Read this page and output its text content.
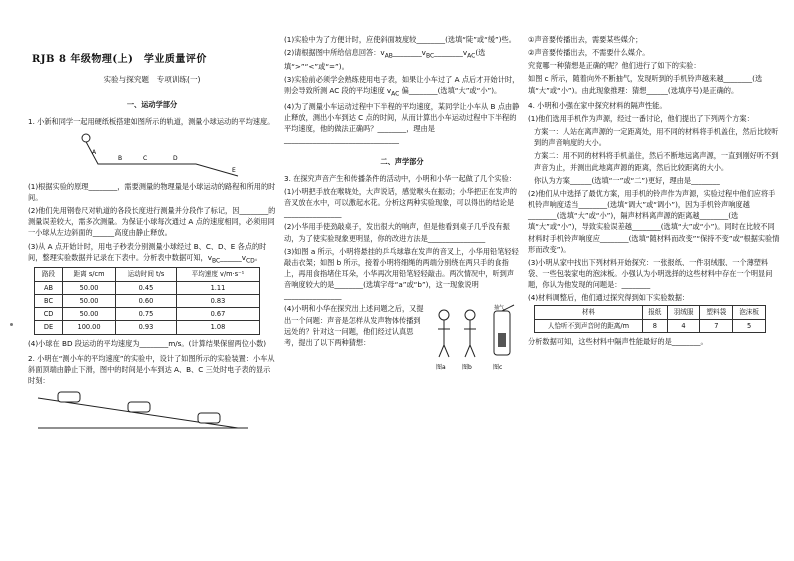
RJB 8 年级物理(上)　学业质量评价
实验与探究题　专项训练(一)
一、运动学部分

1. 小新和同学一起用硬纸板搭建如图所示的轨道，测量小球运动的平均速度。

A
B	C	D
E

(1)根据实验的原理________，需要测量的物理量是小球运动的路程和所用的时间。

(2)他们先用钢卷尺对轨道的各段长度进行测量并分段作了标记，因________的测量误差较大，需多次测量。为保证小球每次通过 A 点的速度相同，必须用同一小球从左边斜面的______高度由静止释放。

(3)从 A 点开始计时，用电子秒表分别测量小球经过 B、C、D、E 各点的时间，整理实验数据并记录在下表中。分析表中数据可知，$v_{BC}\_\_\_\_\_\_v_{CD}$。

路段	距离 s/cm	运动时间 t/s	平均速度 v/m·s⁻¹
AB	50.00	0.45	1.11
BC	50.00	0.60	0.83
CD	50.00	0.75	0.67
DE	100.00	0.93	1.08

(4)小球在 BD 段运动的平均速度为________m/s。(计算结果保留两位小数)

2. 小明在“测小车的平均速度”的实验中，设计了如图所示的实验装置：小车从斜面顶端由静止下滑，图中的时间是小车到达 A、B、C 三处时电子表的显示时刻：

(1)实验中为了方便计时，应使斜面坡度较________(选填“陡”或“缓”)些。

(2)请根据图中所给信息回答：$v_{AB}\_\_\_\_\_\_\_\_v_{BC}\_\_\_\_\_\_\_\_v_{AC}$(选填“>”“<”或“=”)。

(3)实验前必须学会熟练使用电子表，如果让小车过了 A 点后才开始计时，则会导致所测 AC 段的平均速度 $v_{AC}$ 偏________(选填“大”或“小”)。

(4)为了测量小车运动过程中下半程的平均速度，某同学让小车从 B 点由静止释放，测出小车到达 C 点的时间，从而计算出小车运动过程中下半程的平均速度，他的做法正确吗？________，理由是________________________________

二、声学部分

3. 在探究声音产生和传播条件的活动中，小明和小华一起做了几个实验：

(1)小明把手放在喉咙处，大声说话，感觉喉头在振动；小华把正在发声的音叉放在水中，可以激起水花。分析这两种实验现象，可以得出的结论是________________

(2)小华用手使劲敲桌子，发出很大的响声，但是他看到桌子几乎没有振动，为了使实验现象更明显，你的改进方法是________________

(3)如图 a 所示，小明将悬挂的乒乓球靠在发声的音叉上，小华用铅笔轻轻敲击衣架；如图 b 所示，接着小明将细绳的两端分别绕在两只手的食指上，再用食指堵住耳朵，小华再次用铅笔轻轻敲击。两次情况中，听到声音响度较大的是________(选填字母“a”或“b”)，这一现象说明________________

(4)小明和小华在探究出上述问题之后，又提出一个问题：声音是怎样从发声物体传播到远处的？针对这一问题，他们经过认真思考，提出了以下两种猜想：

抽气
图a	图b	图c

①声音要传播出去，需要某些媒介；

②声音要传播出去，不需要什么媒介。

究竟哪一种猜想是正确的呢？他们进行了如下的实验：

如图 c 所示，随着向外不断抽气，发现听到的手机铃声越来越________(选填“大”或“小”)。由此现象推理：猜想______(选填序号)是正确的。

4. 小明和小强在家中探究材料的隔声性能。

(1)他们选用手机作为声源，经过一番讨论，他们提出了下列两个方案：

方案一：人站在离声源的一定距离处，用不同的材料将手机盖住，然后比较听到的声音响度的大小。

方案二：用不同的材料将手机盖住，然后不断地远离声源，一直到刚好听不到声音为止，并测出此地离声源的距离，然后比较距离的大小。

你认为方案______(选填“一”或“二”)更好，理由是________

(2)他们从中选择了最优方案，用手机的铃声作为声源，实验过程中他们应将手机铃声响度适当________(选填“调大”或“调小”)，因为手机铃声响度越________(选填“大”或“小”)，隔声材料离声源的距离越________(选填“大”或“小”)，导致实验误差越________(选填“大”或“小”)。同时在比较不同材料时手机铃声响度应________(选填“随材料而改变”“保持不变”或“根据实验情形而改变”)。

(3)小明从家中找出下列材料开始探究：一张报纸、一件羽绒服、一个薄塑料袋、一些包装家电的泡沫板。小强认为小明选择的这些材料中存在一个明显问题，你认为他发现的问题是：________

(4)材料调整后，他们通过探究得到如下实验数据：

材料	报纸	羽绒服	塑料袋	泡沫板
人恰听不到声音时的距离/m	8	4	7	5

分析数据可知，这些材料中隔声性能最好的是________。
